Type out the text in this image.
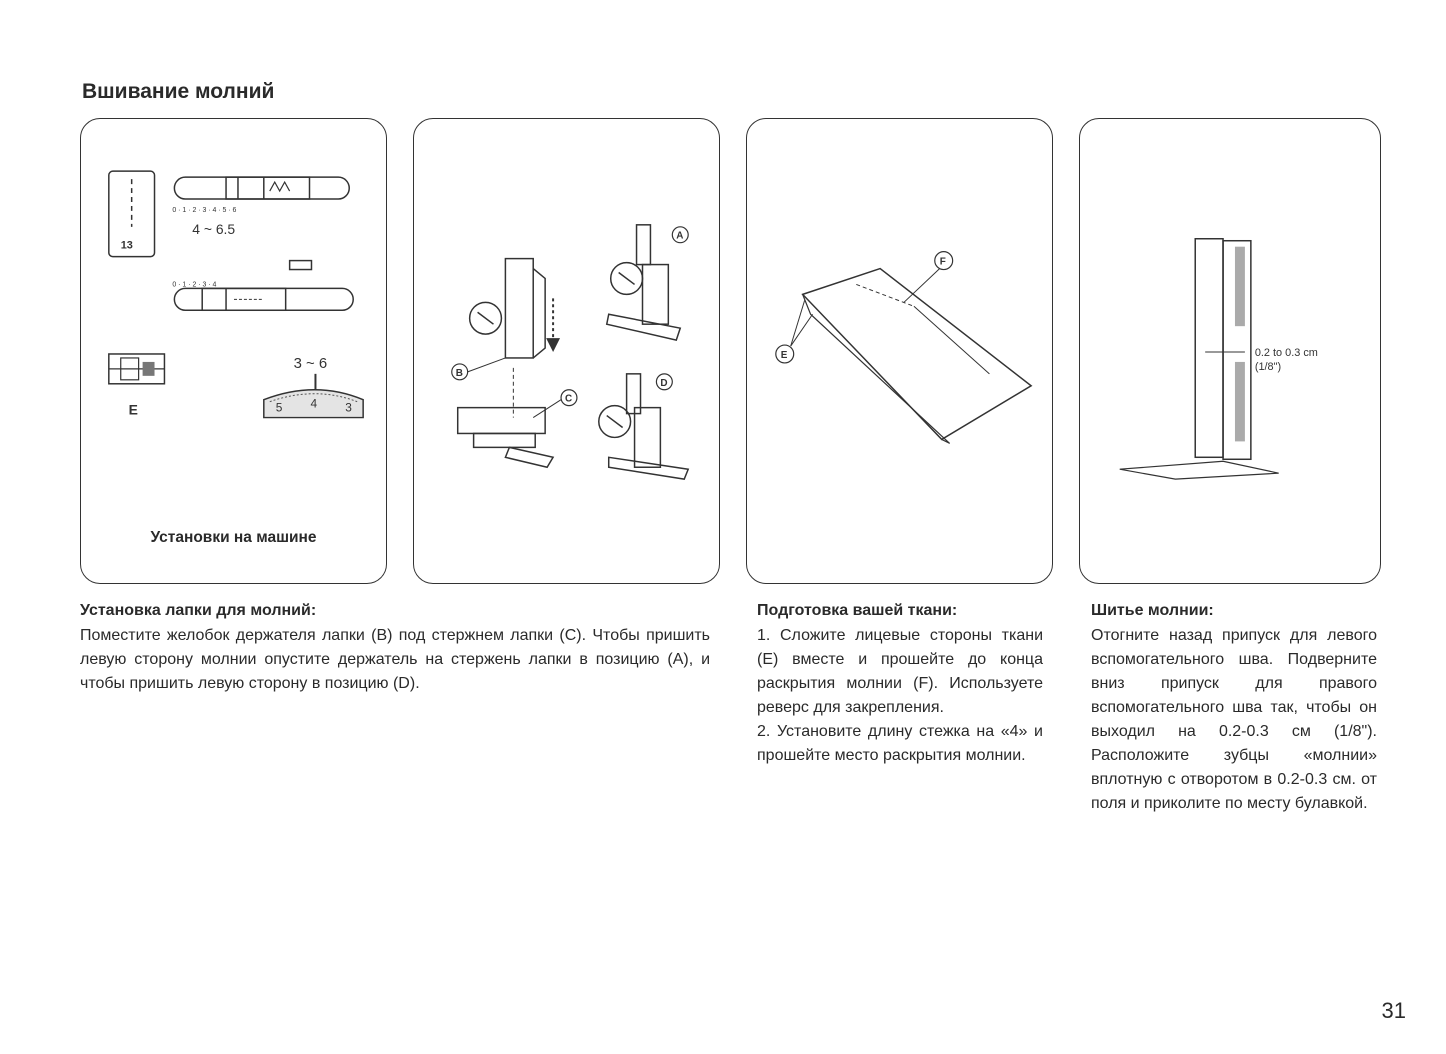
Вшивание молний
13
0 · 1 · 2 · 3 · 4 · 5 · 6
4 ~ 6.5
0 · 1 · 2 · 3 · 4
E
3 ~ 6
5 4 3
Установки на машине
A
B
C
D
F
E	0.2 to 0.3 cm
(1/8")
Установка лапки для молний:

Поместите желобок держателя лапки (B) под стержнем лапки (C). Чтобы пришить левую сторону молнии опустите держатель на стержень лапки в позицию (A), и чтобы пришить левую сторону в позицию (D).

Подготовка вашей ткани:

1. Сложите лицевые стороны ткани (E) вместе и прошейте до конца раскрытия молнии (F). Используете реверс для закрепления.

2. Установите длину стежка на «4» и прошейте место раскрытия молнии.

Шитье молнии:

Отогните назад припуск для левого вспомогательного шва. Подверните вниз припуск для правого вспомогательного шва так, чтобы он выходил на 0.2-0.3 см (1/8"). Расположите зубцы «молнии» вплотную с отворотом в 0.2-0.3 см. от поля и приколите по месту булавкой.

31
